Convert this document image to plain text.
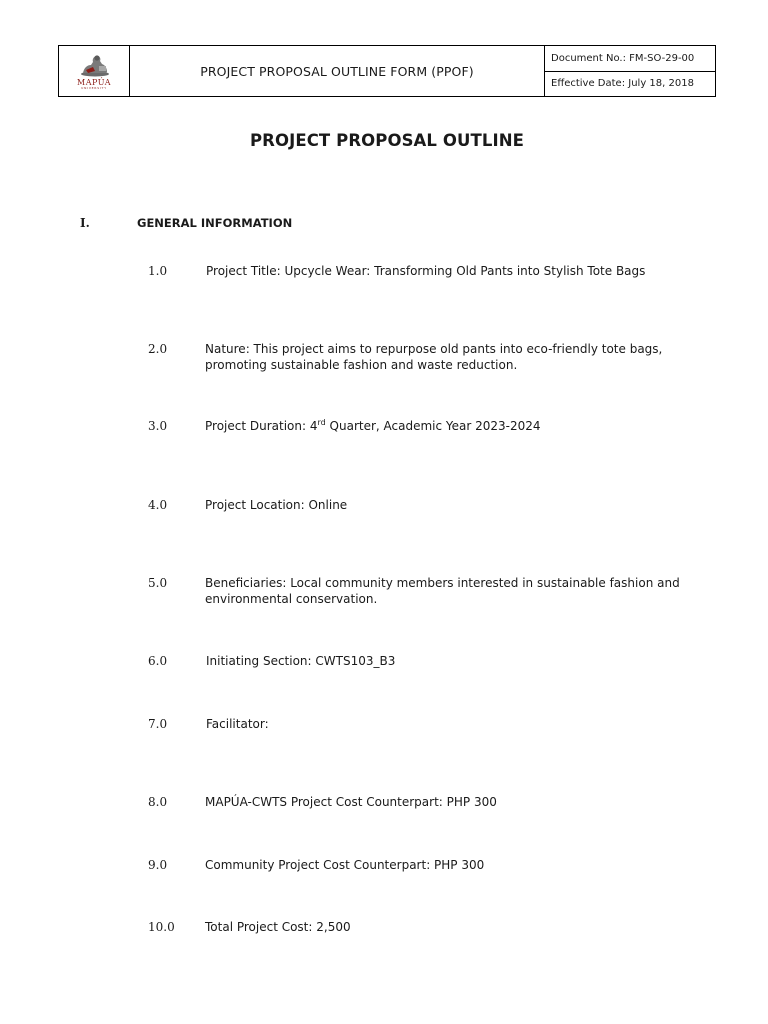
MAPÚA
UNIVERSITY
PROJECT PROPOSAL OUTLINE FORM (PPOF)
Document No.: FM-SO-29-00
Effective Date: July 18, 2018
PROJECT PROPOSAL OUTLINE
I.	GENERAL INFORMATION
1.0	Project Title: Upcycle Wear: Transforming Old Pants into Stylish Tote Bags
2.0	Nature: This project aims to repurpose old pants into eco-friendly tote bags, promoting sustainable fashion and waste reduction.
3.0	Project Duration: 4rd Quarter, Academic Year 2023-2024
4.0	Project Location: Online
5.0	Beneficiaries: Local community members interested in sustainable fashion and environmental conservation.
6.0	Initiating Section: CWTS103_B3
7.0	Facilitator:
8.0	MAPÚA-CWTS Project Cost Counterpart: PHP 300
9.0	Community Project Cost Counterpart: PHP 300
10.0	Total Project Cost: 2,500
